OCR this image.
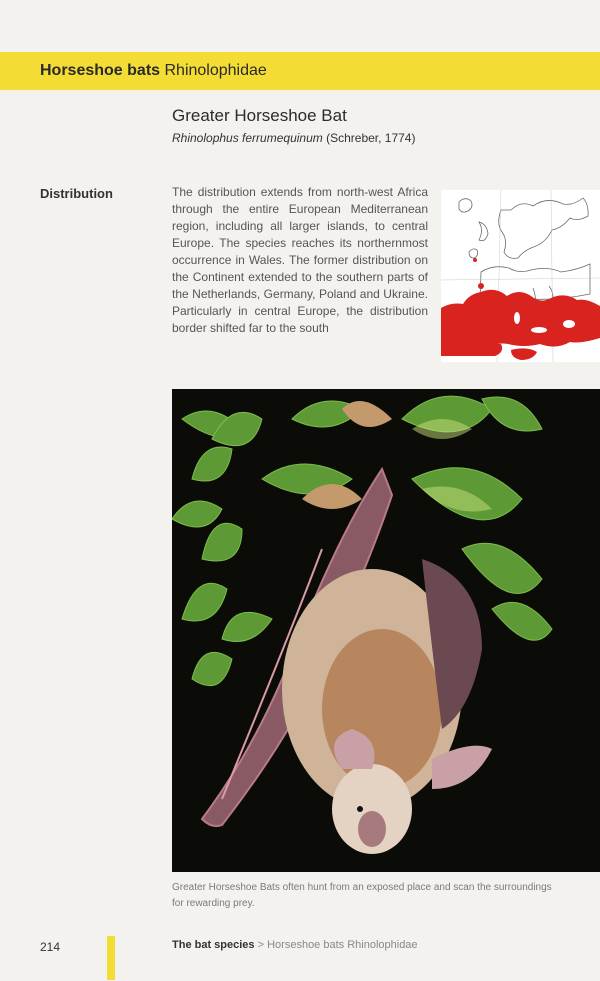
Horseshoe bats Rhinolophidae
Greater Horseshoe Bat
Rhinolophus ferrumequinum (Schreber, 1774)
Distribution	The distribution extends from north-west Africa through the entire European Mediterranean region, including all larger islands, to central Europe. The species reaches its northernmost occurrence in Wales. The former distribution on the Continent extended to the southern parts of the Netherlands, Germany, Poland and Ukraine. Particularly in central Europe, the distribution border shifted far to the south
Greater Horseshoe Bats often hunt from an exposed place and scan the surroundings
for rewarding prey.
214	The bat species > Horseshoe bats Rhinolophidae
